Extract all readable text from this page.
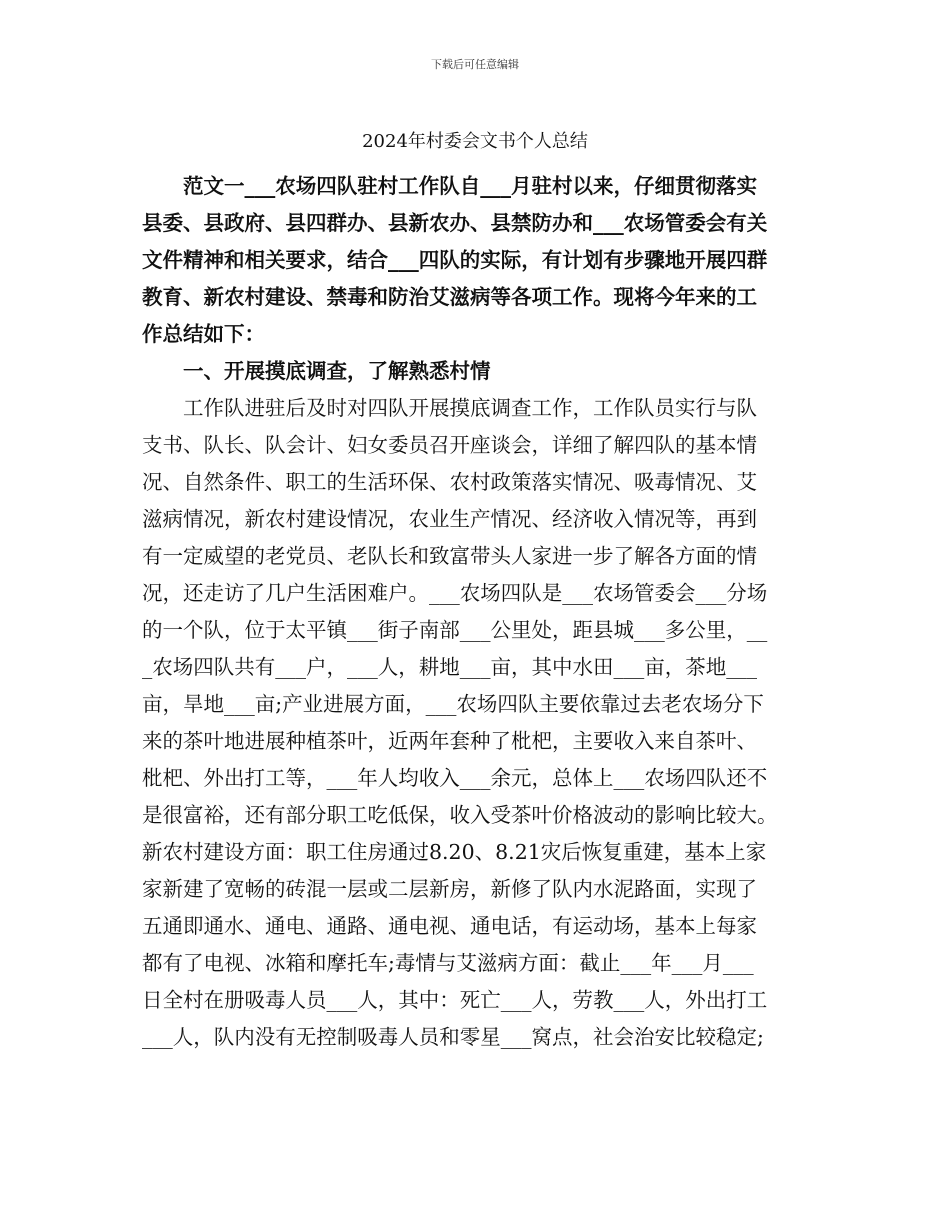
下载后可任意编辑
2024年村委会文书个人总结
　　范文一___农场四队驻村工作队自___月驻村以来，仔细贯彻落实
县委、县政府、县四群办、县新农办、县禁防办和___农场管委会有关
文件精神和相关要求，结合___四队的实际，有计划有步骤地开展四群
教育、新农村建设、禁毒和防治艾滋病等各项工作。现将今年来的工
作总结如下：
　　一、开展摸底调查，了解熟悉村情
　　工作队进驻后及时对四队开展摸底调查工作，工作队员实行与队
支书、队长、队会计、妇女委员召开座谈会，详细了解四队的基本情
况、自然条件、职工的生活环保、农村政策落实情况、吸毒情况、艾
滋病情况，新农村建设情况，农业生产情况、经济收入情况等，再到
有一定威望的老党员、老队长和致富带头人家进一步了解各方面的情
况，还走访了几户生活困难户。___农场四队是___农场管委会___分场
的一个队，位于太平镇___街子南部___公里处，距县城___多公里，__
_农场四队共有___户，___人，耕地___亩，其中水田___亩，茶地___
亩，旱地___亩;产业进展方面，___农场四队主要依靠过去老农场分下
来的茶叶地进展种植茶叶，近两年套种了枇杷，主要收入来自茶叶、
枇杷、外出打工等，___年人均收入___余元，总体上___农场四队还不
是很富裕，还有部分职工吃低保，收入受茶叶价格波动的影响比较大。
新农村建设方面：职工住房通过8.20、8.21灾后恢复重建，基本上家
家新建了宽畅的砖混一层或二层新房，新修了队内水泥路面，实现了
五通即通水、通电、通路、通电视、通电话，有运动场，基本上每家
都有了电视、冰箱和摩托车;毒情与艾滋病方面：截止___年___月___
日全村在册吸毒人员___人，其中：死亡___人，劳教___人，外出打工
___人，队内没有无控制吸毒人员和零星___窝点，社会治安比较稳定;
